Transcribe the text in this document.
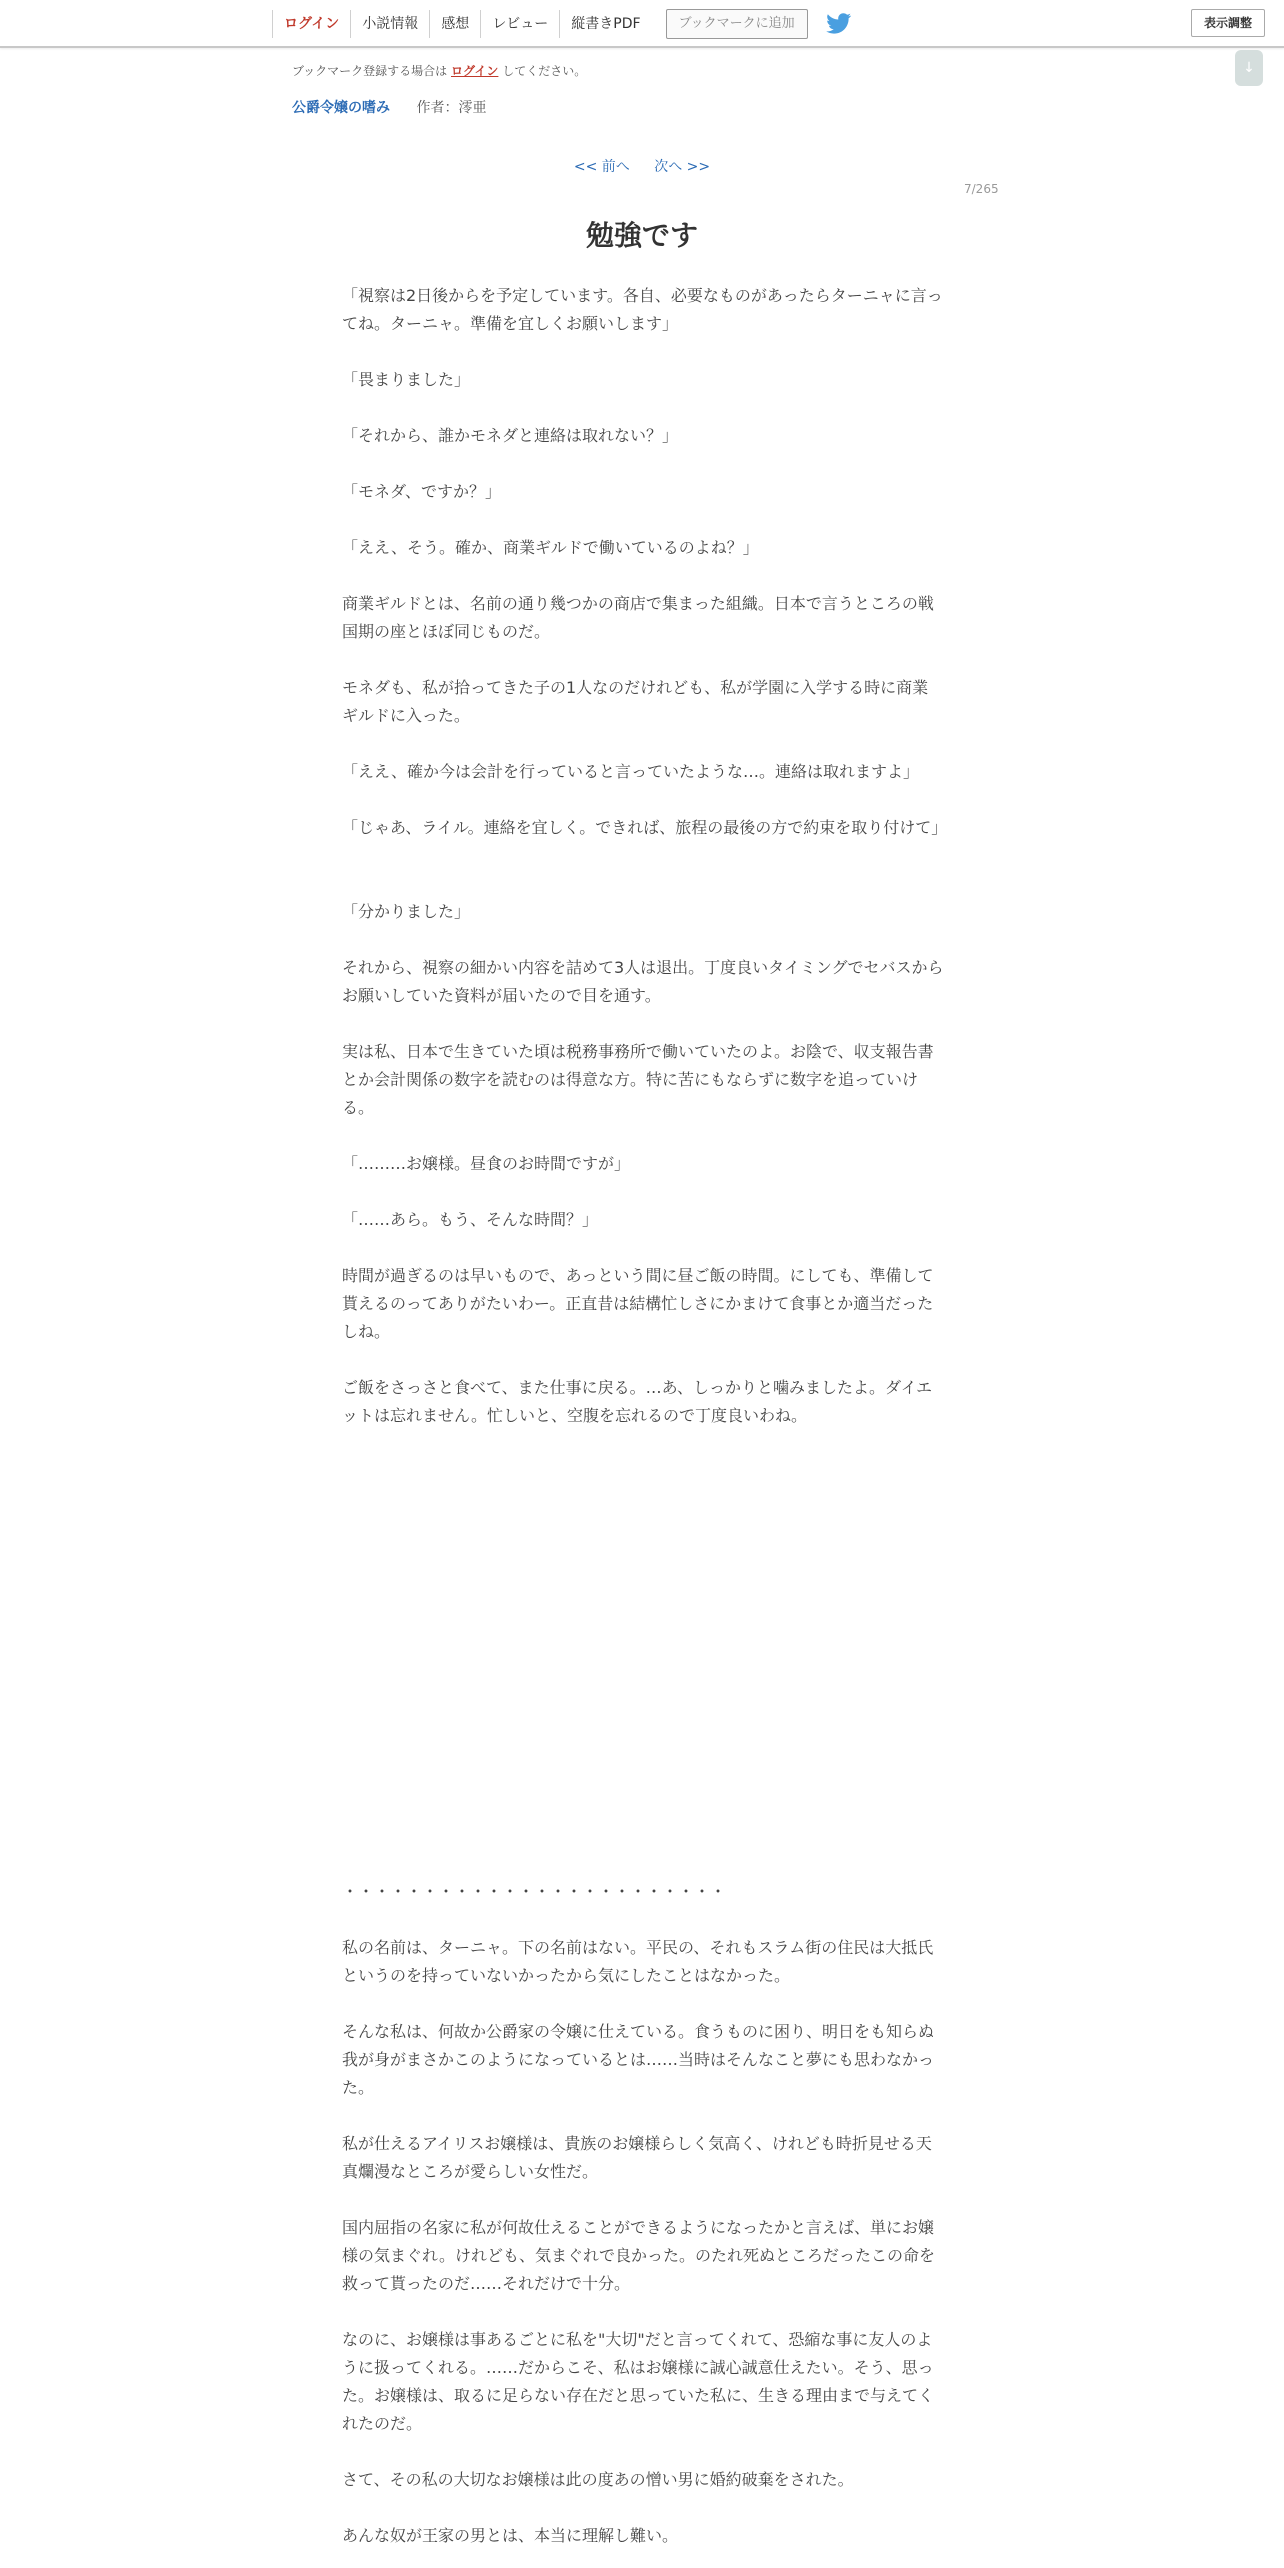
ログイン	小説情報	感想	レビュー	縦書きPDF	ブックマークに追加	表示調整
↓
ブックマーク登録する場合は ログイン してください。
公爵令嬢の嗜み 作者：澪亜
<< 前へ 次へ >>
7/265
勉強です

「視察は2日後からを予定しています。各自、必要なものがあったらターニャに言ってね。ターニャ。準備を宜しくお願いします」

「畏まりました」

「それから、誰かモネダと連絡は取れない？」

「モネダ、ですか？」

「ええ、そう。確か、商業ギルドで働いているのよね？」

商業ギルドとは、名前の通り幾つかの商店で集まった組織。日本で言うところの戦国期の座とほぼ同じものだ。

モネダも、私が拾ってきた子の1人なのだけれども、私が学園に入学する時に商業ギルドに入った。

「ええ、確か今は会計を行っていると言っていたような…。連絡は取れますよ」

「じゃあ、ライル。連絡を宜しく。できれば、旅程の最後の方で約束を取り付けて」

「分かりました」

それから、視察の細かい内容を詰めて3人は退出。丁度良いタイミングでセバスからお願いしていた資料が届いたので目を通す。

実は私、日本で生きていた頃は税務事務所で働いていたのよ。お陰で、収支報告書とか会計関係の数字を読むのは得意な方。特に苦にもならずに数字を追っていける。

「………お嬢様。昼食のお時間ですが」

「……あら。もう、そんな時間？」

時間が過ぎるのは早いもので、あっという間に昼ご飯の時間。にしても、準備して貰えるのってありがたいわー。正直昔は結構忙しさにかまけて食事とか適当だったしね。

ご飯をさっさと食べて、また仕事に戻る。…あ、しっかりと噛みましたよ。ダイエットは忘れません。忙しいと、空腹を忘れるので丁度良いわね。

・・・・・・・・・・・・・・・・・・・・・・・・

私の名前は、ターニャ。下の名前はない。平民の、それもスラム街の住民は大抵氏というのを持っていないかったから気にしたことはなかった。

そんな私は、何故か公爵家の令嬢に仕えている。食うものに困り、明日をも知らぬ我が身がまさかこのようになっているとは……当時はそんなこと夢にも思わなかった。

私が仕えるアイリスお嬢様は、貴族のお嬢様らしく気高く、けれども時折見せる天真爛漫なところが愛らしい女性だ。

国内屈指の名家に私が何故仕えることができるようになったかと言えば、単にお嬢様の気まぐれ。けれども、気まぐれで良かった。のたれ死ぬところだったこの命を救って貰ったのだ……それだけで十分。

なのに、お嬢様は事あるごとに私を"大切"だと言ってくれて、恐縮な事に友人のように扱ってくれる。……だからこそ、私はお嬢様に誠心誠意仕えたい。そう、思った。お嬢様は、取るに足らない存在だと思っていた私に、生きる理由まで与えてくれたのだ。

さて、その私の大切なお嬢様は此の度あの憎い男に婚約破棄をされた。

あんな奴が王家の男とは、本当に理解し難い。
